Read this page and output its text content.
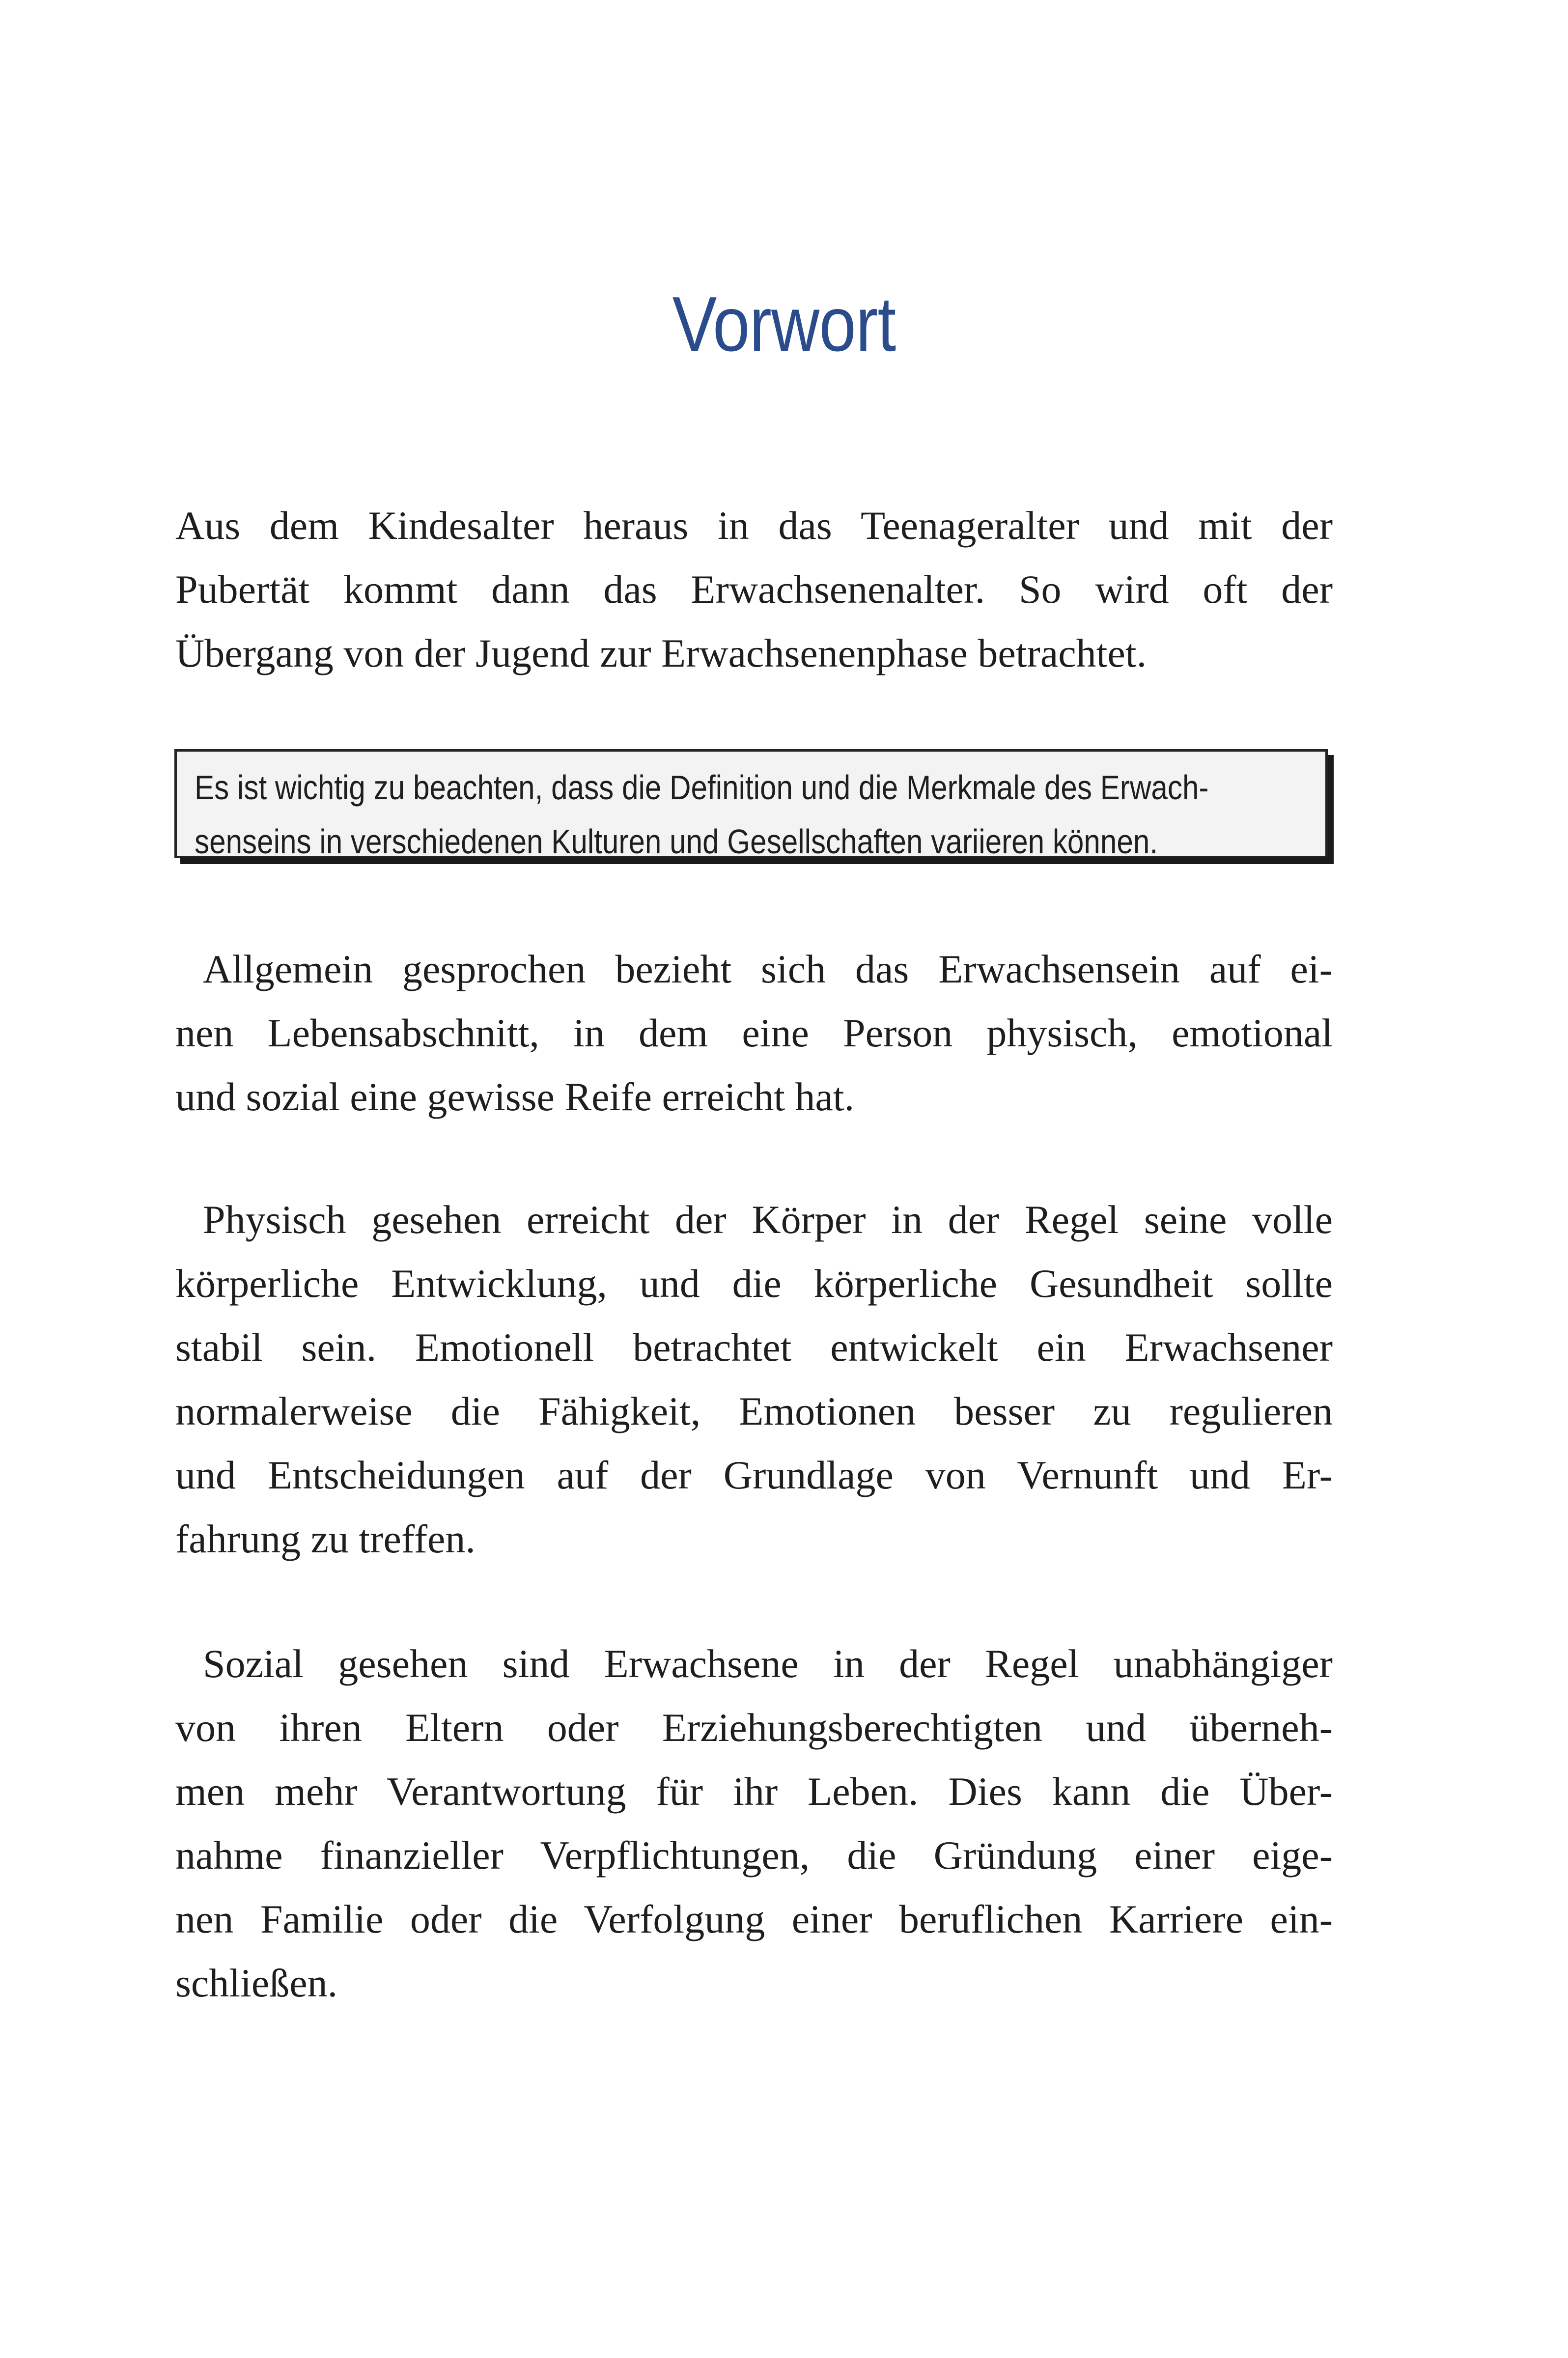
Vorwort
Aus dem Kindesalter heraus in das Teenageralter und mit der
Pubertät kommt dann das Erwachsenenalter. So wird oft der
Übergang von der Jugend zur Erwachsenenphase betrachtet.
Es ist wichtig zu beachten, dass die Definition und die Merkmale des Erwach-
senseins in verschiedenen Kulturen und Gesellschaften variieren können.
Allgemein gesprochen bezieht sich das Erwachsensein auf ei-
nen Lebensabschnitt, in dem eine Person physisch, emotional
und sozial eine gewisse Reife erreicht hat.
Physisch gesehen erreicht der Körper in der Regel seine volle
körperliche Entwicklung, und die körperliche Gesundheit sollte
stabil sein. Emotionell betrachtet entwickelt ein Erwachsener
normalerweise die Fähigkeit, Emotionen besser zu regulieren
und Entscheidungen auf der Grundlage von Vernunft und Er-
fahrung zu treffen.
Sozial gesehen sind Erwachsene in der Regel unabhängiger
von ihren Eltern oder Erziehungsberechtigten und überneh-
men mehr Verantwortung für ihr Leben. Dies kann die Über-
nahme finanzieller Verpflichtungen, die Gründung einer eige-
nen Familie oder die Verfolgung einer beruflichen Karriere ein-
schließen.
